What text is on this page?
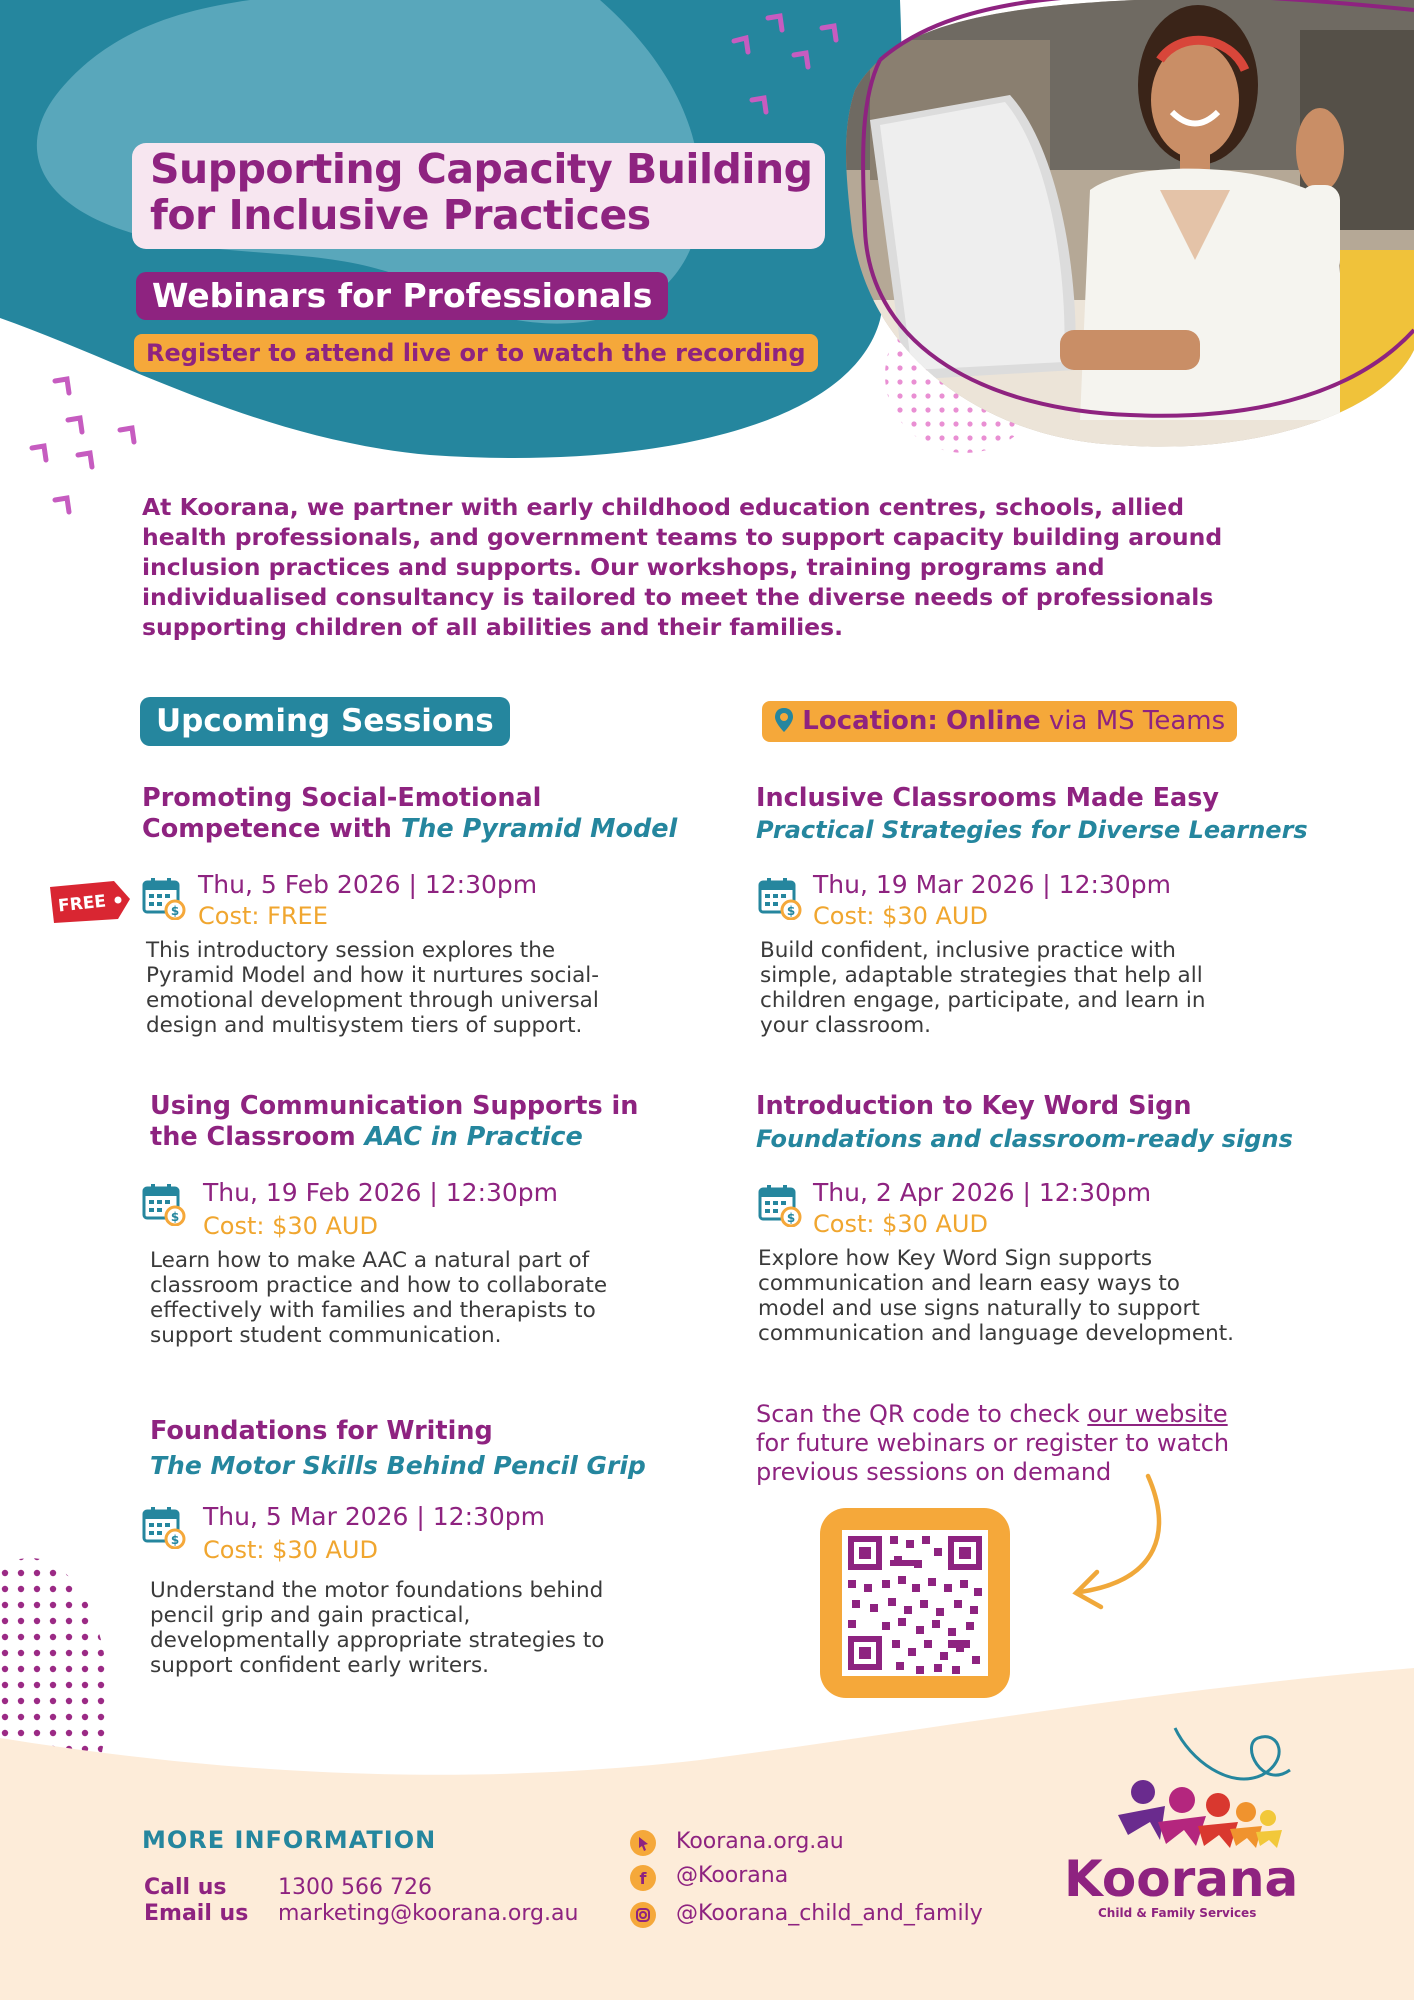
Supporting Capacity Building
for Inclusive Practices
Webinars for Professionals
Register to attend live or to watch the recording
At Koorana, we partner with early childhood education centres, schools, allied health professionals, and government teams to support capacity building around inclusion practices and supports. Our workshops, training programs and individualised consultancy is tailored to meet the diverse needs of professionals supporting children of all abilities and their families.
Upcoming Sessions	Location: Online via MS Teams
FREE
Promoting Social-Emotional
Competence with The Pyramid Model
$
Thu, 5 Feb 2026 | 12:30pm
Cost: FREE
This introductory session explores the
Pyramid Model and how it nurtures social-
emotional development through universal
design and multisystem tiers of support.
Using Communication Supports in
the Classroom AAC in Practice
$
Thu, 19 Feb 2026 | 12:30pm
Cost: $30 AUD
Learn how to make AAC a natural part of
classroom practice and how to collaborate
effectively with families and therapists to
support student communication.
Foundations for Writing
The Motor Skills Behind Pencil Grip
$
Thu, 5 Mar 2026 | 12:30pm
Cost: $30 AUD
Understand the motor foundations behind
pencil grip and gain practical,
developmentally appropriate strategies to
support confident early writers.
Inclusive Classrooms Made Easy
Practical Strategies for Diverse Learners
$
Thu, 19 Mar 2026 | 12:30pm
Cost: $30 AUD
Build confident, inclusive practice with
simple, adaptable strategies that help all
children engage, participate, and learn in
your classroom.
Introduction to Key Word Sign
Foundations and classroom-ready signs
$
Thu, 2 Apr 2026 | 12:30pm
Cost: $30 AUD
Explore how Key Word Sign supports
communication and learn easy ways to
model and use signs naturally to support
communication and language development.
Scan the QR code to check our website
for future webinars or register to watch
previous sessions on demand
MORE INFORMATION
Call us 1300 566 726
Email us marketing@koorana.org.au
Koorana.org.au
f @Koorana
@Koorana_child_and_family
Koorana
Child & Family Services
